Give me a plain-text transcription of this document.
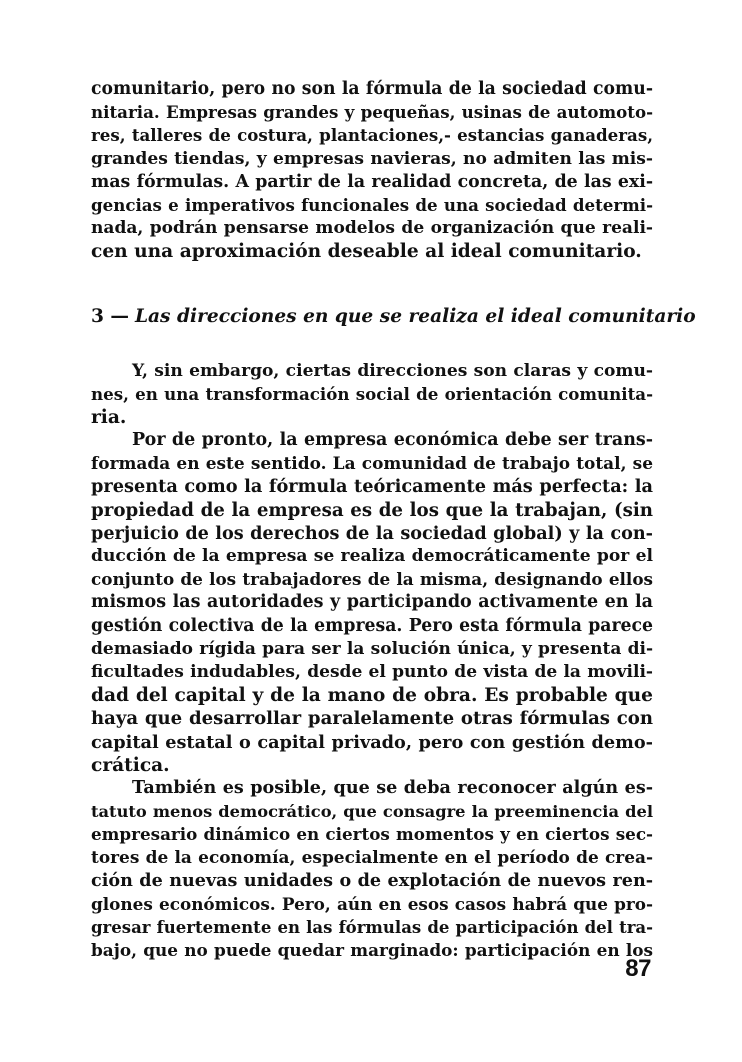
comunitario, pero no son la fórmula de la sociedad comu-
nitaria. Empresas grandes y pequeñas, usinas de automoto-
res, talleres de costura, plantaciones,- estancias ganaderas,
grandes tiendas, y empresas navieras, no admiten las mis-
mas fórmulas. A partir de la realidad concreta, de las exi-
gencias e imperativos funcionales de una sociedad determi-
nada, podrán pensarse modelos de organización que reali-
cen una aproximación deseable al ideal comunitario.
3 — Las direcciones en que se realiza el ideal comunitario
Y, sin embargo, ciertas direcciones son claras y comu-
nes, en una transformación social de orientación comunita-
ria.
Por de pronto, la empresa económica debe ser trans-
formada en este sentido. La comunidad de trabajo total, se
presenta como la fórmula teóricamente más perfecta: la
propiedad de la empresa es de los que la trabajan, (sin
perjuicio de los derechos de la sociedad global) y la con-
ducción de la empresa se realiza democráticamente por el
conjunto de los trabajadores de la misma, designando ellos
mismos las autoridades y participando activamente en la
gestión colectiva de la empresa. Pero esta fórmula parece
demasiado rígida para ser la solución única, y presenta di-
ficultades indudables, desde el punto de vista de la movili-
dad del capital y de la mano de obra. Es probable que
haya que desarrollar paralelamente otras fórmulas con
capital estatal o capital privado, pero con gestión demo-
crática.
También es posible, que se deba reconocer algún es-
tatuto menos democrático, que consagre la preeminencia del
empresario dinámico en ciertos momentos y en ciertos sec-
tores de la economía, especialmente en el período de crea-
ción de nuevas unidades o de explotación de nuevos ren-
glones económicos. Pero, aún en esos casos habrá que pro-
gresar fuertemente en las fórmulas de participación del tra-
bajo, que no puede quedar marginado: participación en los
87
